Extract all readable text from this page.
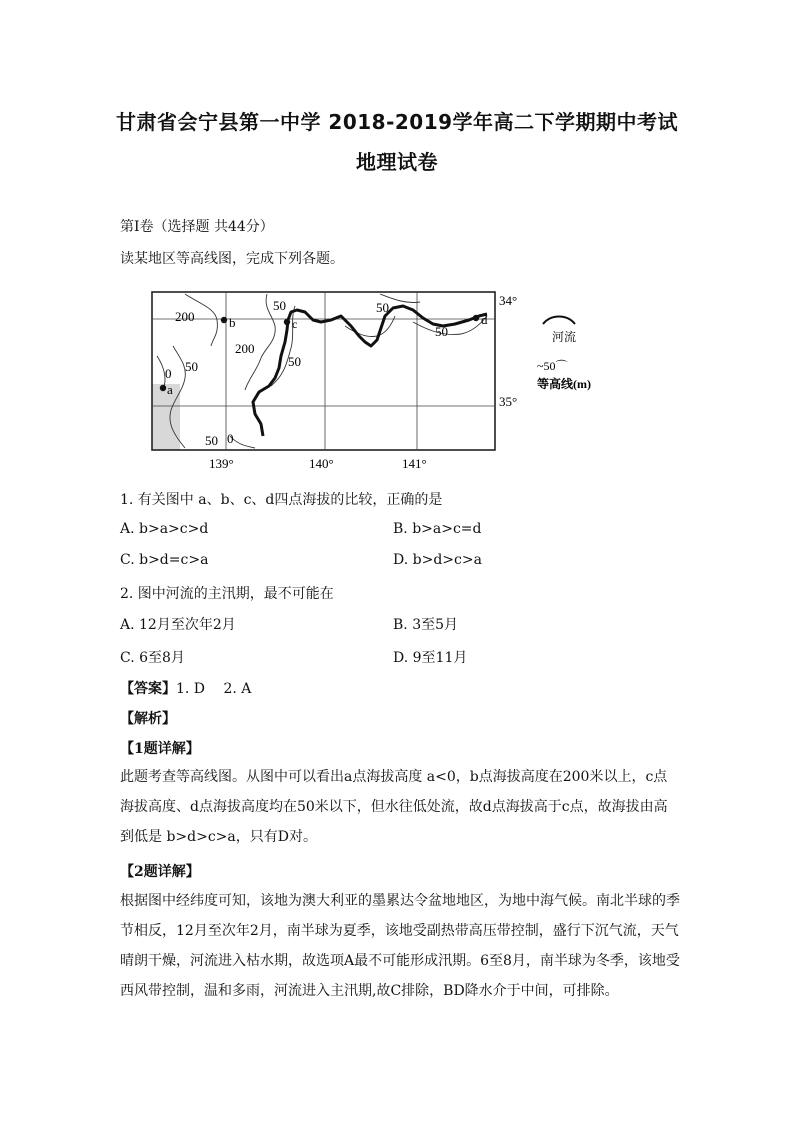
甘肃省会宁县第一中学 2018-2019学年高二下学期期中考试
地理试卷
第Ⅰ卷（选择题 共44分）
读某地区等高线图，完成下列各题。
a
b	c	d
200
200
50
50
50
50
50
0
0
50
34°
35°
139°	140°	141°
河流
~50⌒
等高线(m)
1. 有关图中 a、b、c、d四点海拔的比较，正确的是
A. b>a>c>d	B. b>a>c=d
C. b>d=c>a	D. b>d>c>a
2. 图中河流的主汛期，最不可能在
A. 12月至次年2月	B. 3至5月
C. 6至8月	D. 9至11月
【答案】1. D　 2. A
【解析】
【1题详解】
此题考查等高线图。从图中可以看出a点海拔高度 a<0，b点海拔高度在200米以上，c点海拔高度、d点海拔高度均在50米以下，但水往低处流，故d点海拔高于c点，故海拔由高到低是 b>d>c>a，只有D对。
【2题详解】
根据图中经纬度可知，该地为澳大利亚的墨累达令盆地地区，为地中海气候。南北半球的季节相反，12月至次年2月，南半球为夏季，该地受副热带高压带控制，盛行下沉气流，天气晴朗干燥，河流进入枯水期，故选项A最不可能形成汛期。6至8月，南半球为冬季，该地受西风带控制，温和多雨，河流进入主汛期,故C排除，BD降水介于中间，可排除。
